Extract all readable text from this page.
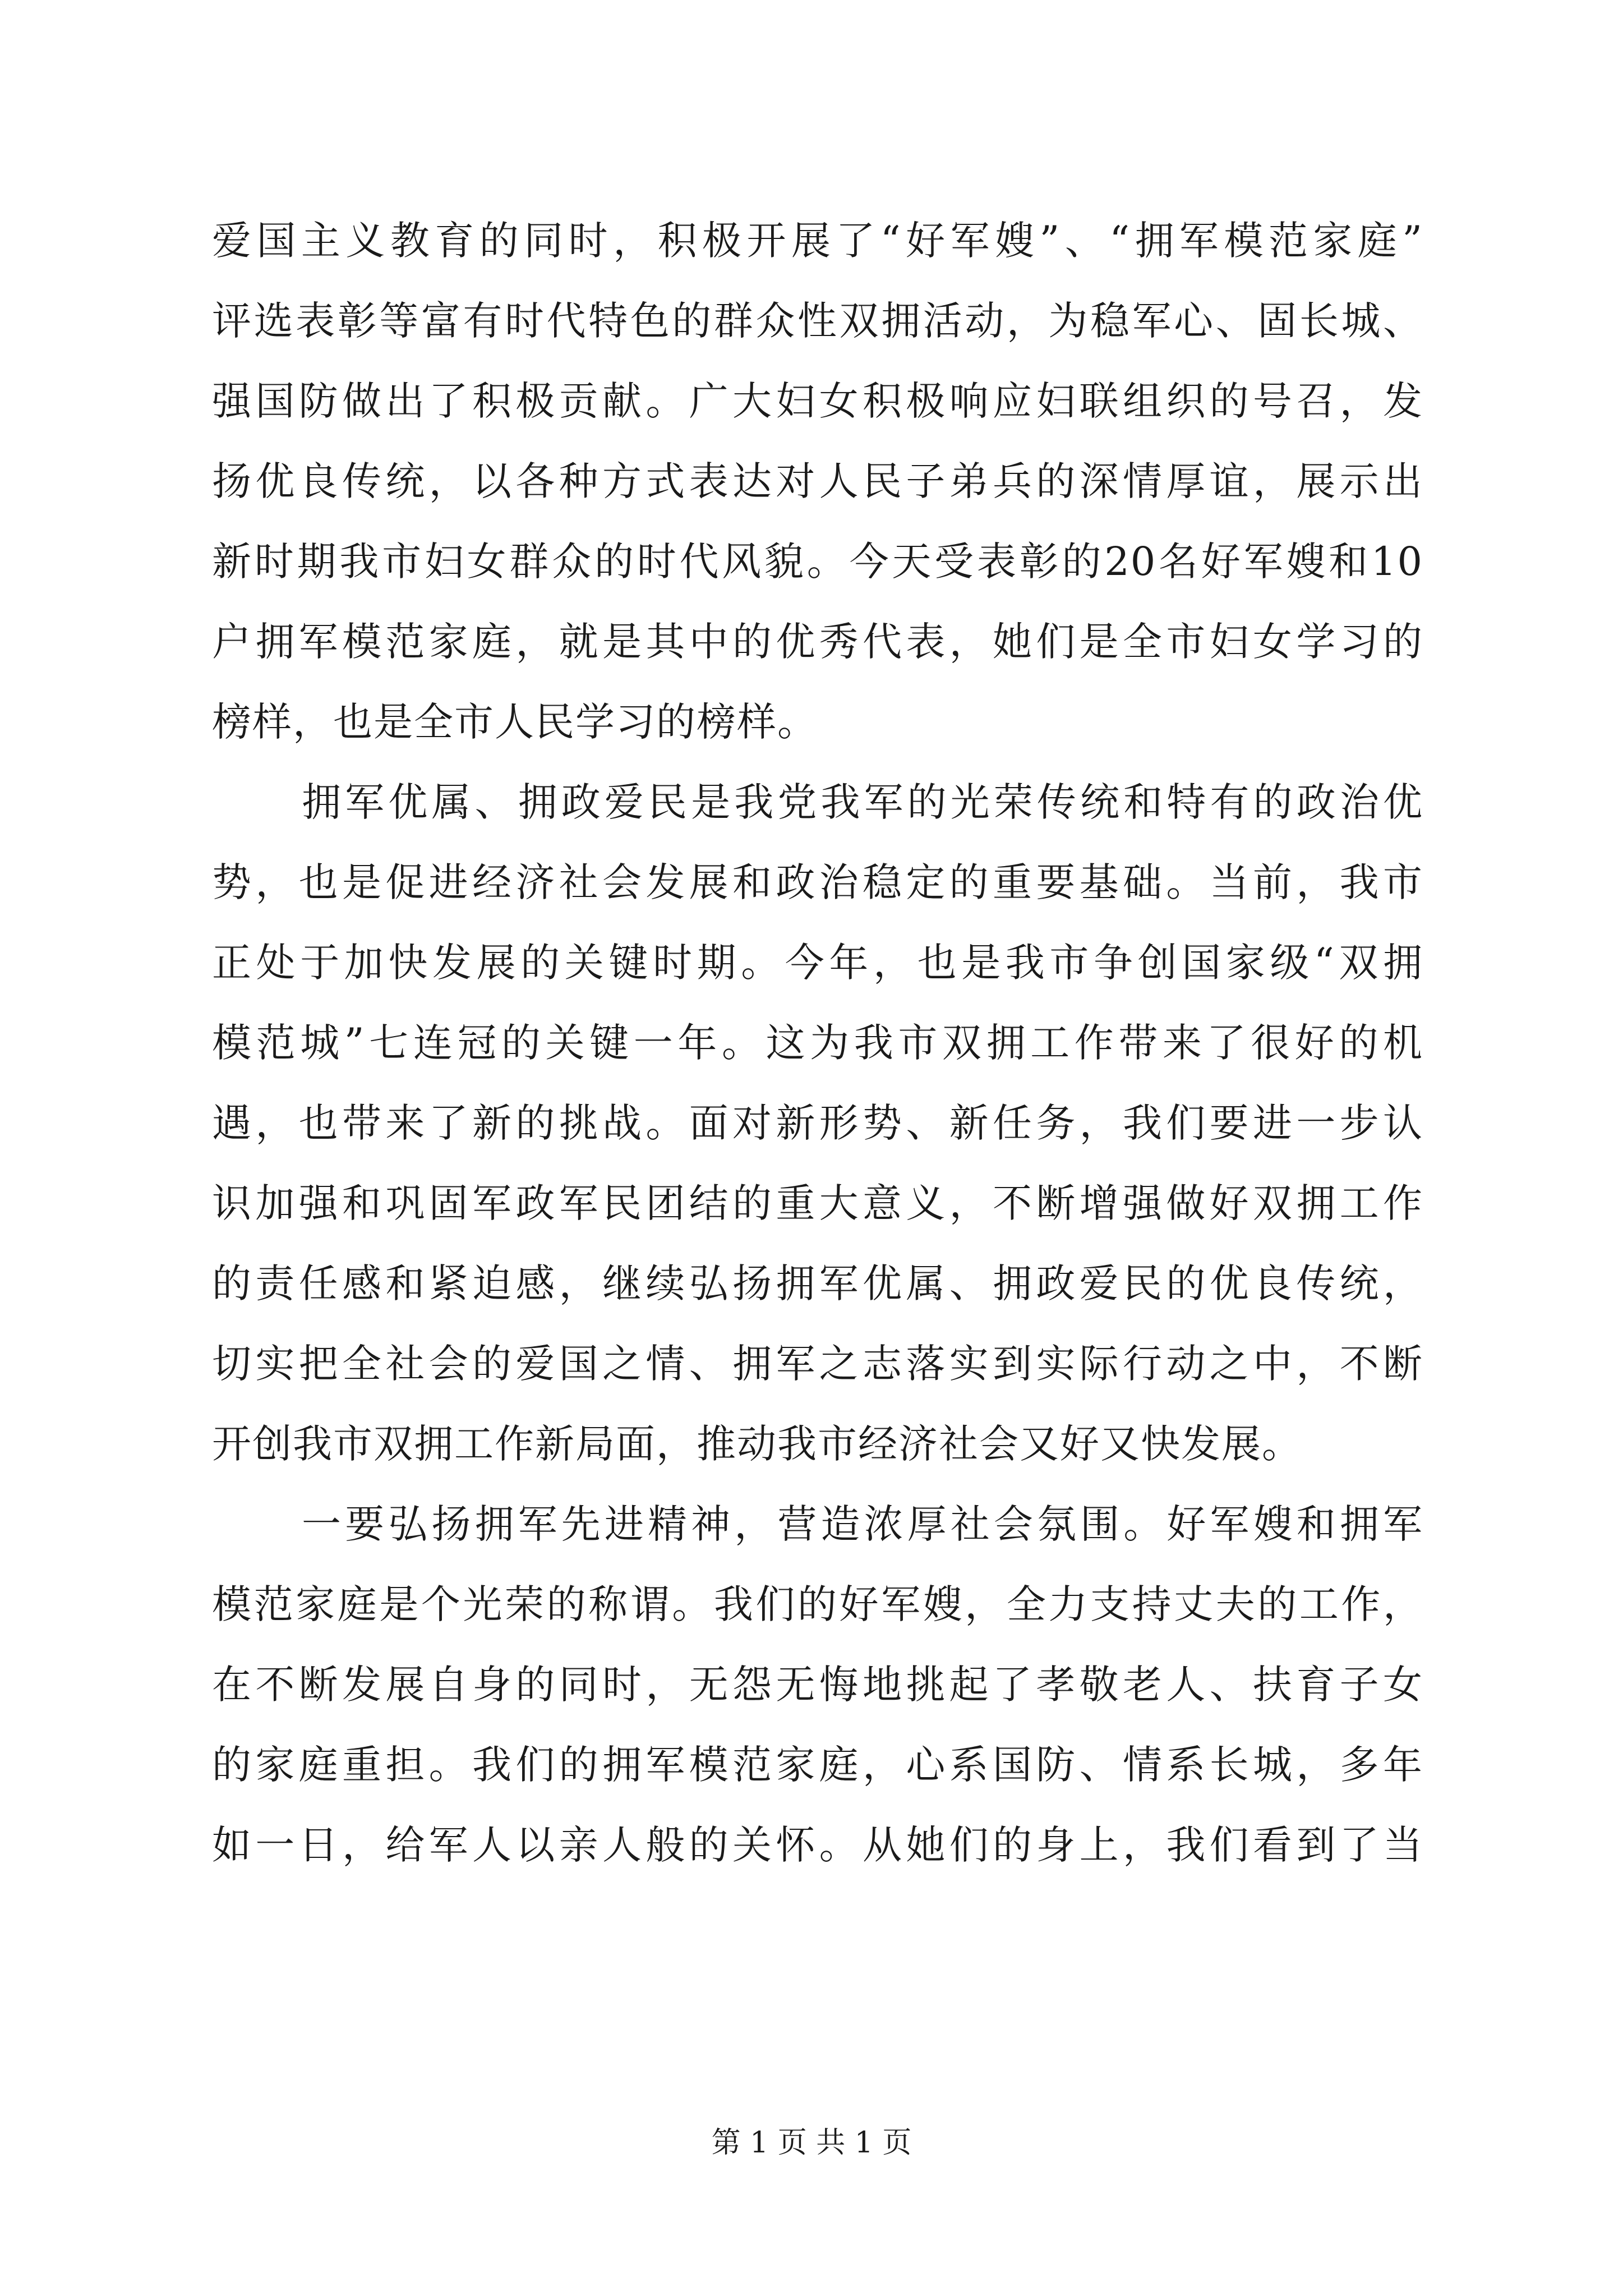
爱国主义教育的同时，积极开展了“好军嫂”、“拥军模范家庭”
评选表彰等富有时代特色的群众性双拥活动，为稳军心、固长城、
强国防做出了积极贡献。广大妇女积极响应妇联组织的号召，发
扬优良传统，以各种方式表达对人民子弟兵的深情厚谊，展示出
新时期我市妇女群众的时代风貌。今天受表彰的20名好军嫂和10
户拥军模范家庭，就是其中的优秀代表，她们是全市妇女学习的
榜样，也是全市人民学习的榜样。
拥军优属、拥政爱民是我党我军的光荣传统和特有的政治优
势，也是促进经济社会发展和政治稳定的重要基础。当前，我市
正处于加快发展的关键时期。今年，也是我市争创国家级“双拥
模范城”七连冠的关键一年。这为我市双拥工作带来了很好的机
遇，也带来了新的挑战。面对新形势、新任务，我们要进一步认
识加强和巩固军政军民团结的重大意义，不断增强做好双拥工作
的责任感和紧迫感，继续弘扬拥军优属、拥政爱民的优良传统，
切实把全社会的爱国之情、拥军之志落实到实际行动之中，不断
开创我市双拥工作新局面，推动我市经济社会又好又快发展。
一要弘扬拥军先进精神，营造浓厚社会氛围。好军嫂和拥军
模范家庭是个光荣的称谓。我们的好军嫂，全力支持丈夫的工作，
在不断发展自身的同时，无怨无悔地挑起了孝敬老人、扶育子女
的家庭重担。我们的拥军模范家庭，心系国防、情系长城，多年
如一日，给军人以亲人般的关怀。从她们的身上，我们看到了当
第 1 页 共 1 页
